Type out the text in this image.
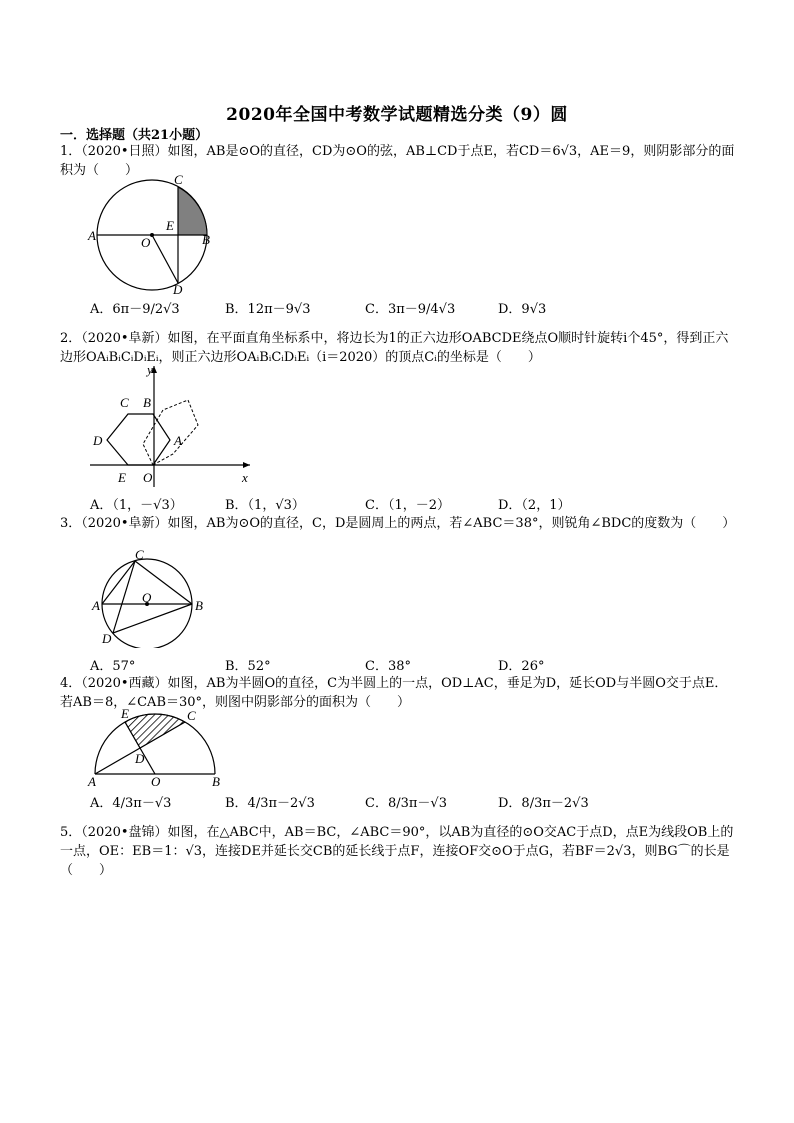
2020年全国中考数学试题精选分类（9）圆
一．选择题（共21小题）
1．（2020•日照）如图，AB是⊙O的直径，CD为⊙O的弦，AB⊥CD于点E，若CD＝6√3，AE＝9，则阴影部分的面积为（　　）
C
E
A	O	B
D
A．6π－9/2√3	B．12π－9√3	C．3π－9/4√3	D．9√3
2．（2020•阜新）如图，在平面直角坐标系中，将边长为1的正六边形OABCDE绕点O顺时针旋转i个45°，得到正六边形OAᵢBᵢCᵢDᵢEᵢ，则正六边形OAᵢBᵢCᵢDᵢEᵢ（i＝2020）的顶点Cᵢ的坐标是（　　）
y
C B
D	A
E O	x
A．（1，－√3）	B．（1，√3）	C．（1，－2）	D．（2，1）
3．（2020•阜新）如图，AB为⊙O的直径，C，D是圆周上的两点，若∠ABC＝38°，则锐角∠BDC的度数为（　　）
C
O
A	B
D
A．57°	B．52°	C．38°	D．26°
4．（2020•西藏）如图，AB为半圆O的直径，C为半圆上的一点，OD⊥AC，垂足为D，延长OD与半圆O交于点E．若AB＝8，∠CAB＝30°，则图中阴影部分的面积为（　　）
E	C
D
A	O	B
A．4/3π－√3	B．4/3π－2√3	C．8/3π－√3	D．8/3π－2√3
5．（2020•盘锦）如图，在△ABC中，AB＝BC，∠ABC＝90°，以AB为直径的⊙O交AC于点D，点E为线段OB上的一点，OE：EB＝1：√3，连接DE并延长交CB的延长线于点F，连接OF交⊙O于点G，若BF＝2√3，则BG⌒的长是（　　）
